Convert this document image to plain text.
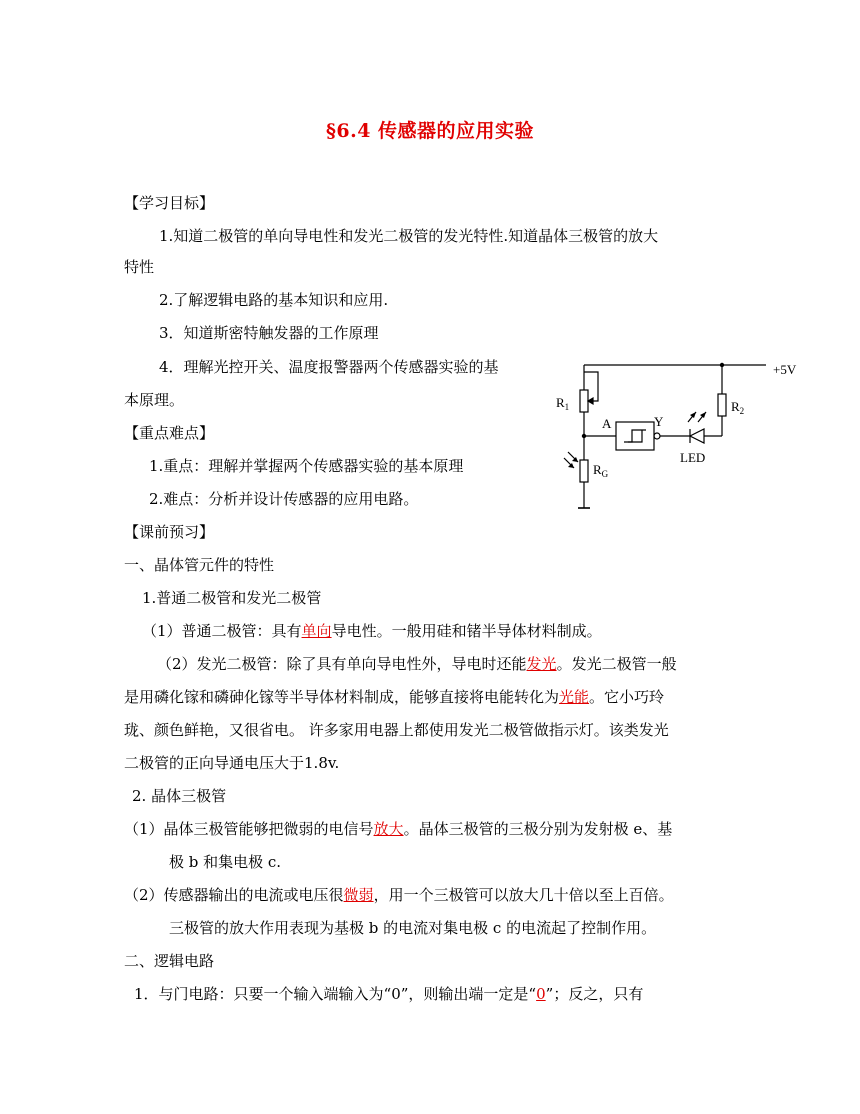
§6.4 传感器的应用实验
【学习目标】
1.知道二极管的单向导电性和发光二极管的发光特性.知道晶体三极管的放大
特性
2.了解逻辑电路的基本知识和应用.
3．知道斯密特触发器的工作原理
4．理解光控开关、温度报警器两个传感器实验的基
本原理。
【重点难点】
1.重点：理解并掌握两个传感器实验的基本原理
2.难点：分析并设计传感器的应用电路。
【课前预习】
一、晶体管元件的特性
1.普通二极管和发光二极管
（1）普通二极管：具有单向导电性。一般用硅和锗半导体材料制成。
（2）发光二极管：除了具有单向导电性外，导电时还能发光。发光二极管一般
是用磷化镓和磷砷化镓等半导体材料制成，能够直接将电能转化为光能。它小巧玲
珑、颜色鲜艳，又很省电。 许多家用电器上都使用发光二极管做指示灯。该类发光
二极管的正向导通电压大于1.8v.
2. 晶体三极管
（1）晶体三极管能够把微弱的电信号放大。晶体三极管的三极分别为发射极 e、基
极 b 和集电极 c.
（2）传感器输出的电流或电压很微弱，用一个三极管可以放大几十倍以至上百倍。
三极管的放大作用表现为基极 b 的电流对集电极 c 的电流起了控制作用。
二、逻辑电路
1．与门电路：只要一个输入端输入为“0”，则输出端一定是“0”；反之，只有
+5V
$R_1$	$R_2$
$R_G$
A	Y
LED
